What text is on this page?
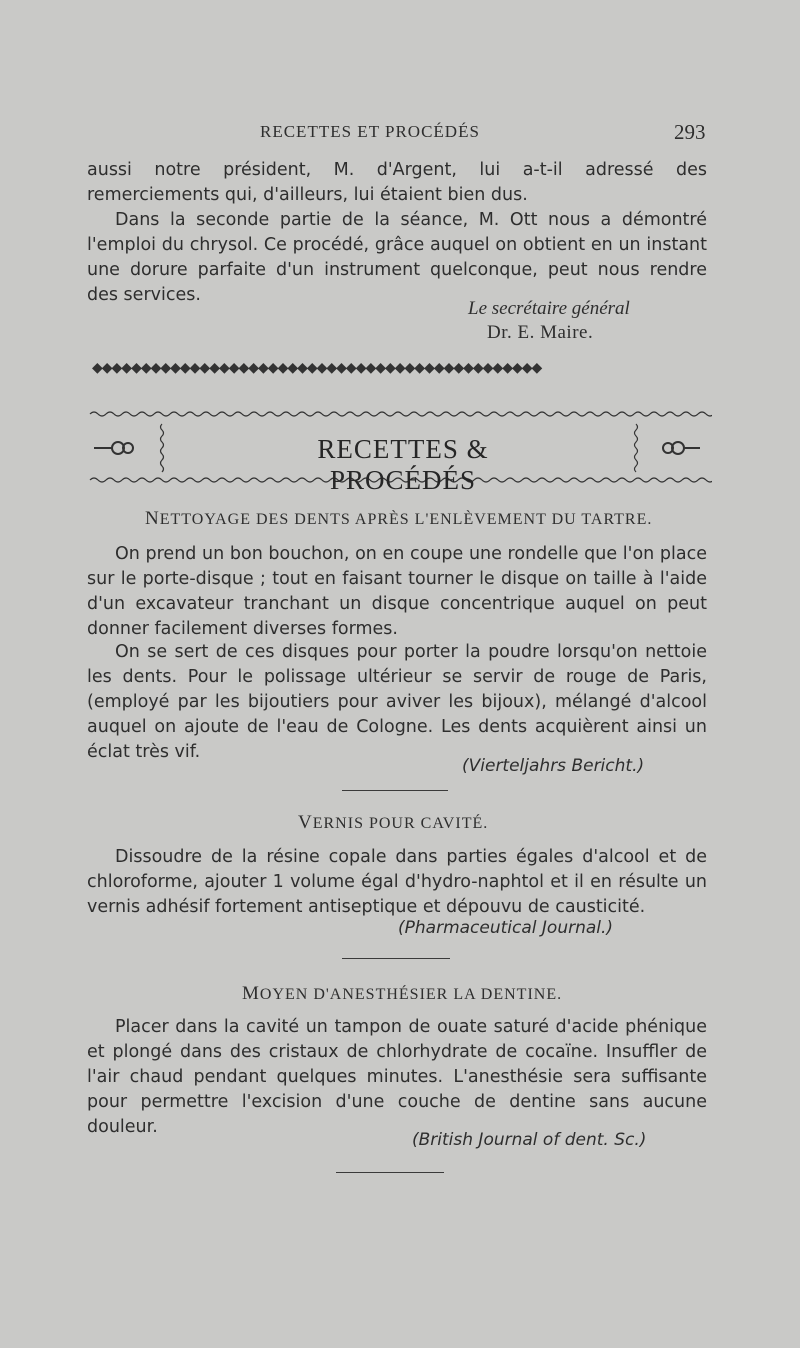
RECETTES ET PROCÉDÉS	293

aussi notre président, M. d'Argent, lui a-t-il adressé des remerciements qui, d'ailleurs, lui étaient bien dus.

Dans la seconde partie de la séance, M. Ott nous a démontré l'emploi du chrysol. Ce procédé, grâce auquel on obtient en un instant une dorure parfaite d'un instrument quelconque, peut nous rendre des services.

Le secrétaire général
Dr. E. Maire.
◆◆◆◆◆◆◆◆◆◆◆◆◆◆◆◆◆◆◆◆◆◆◆◆◆◆◆◆◆◆◆◆◆◆◆◆◆◆◆◆◆◆◆◆◆◆
RECETTES & PROCÉDÉS
NETTOYAGE DES DENTS APRÈS L'ENLÈVEMENT DU TARTRE.

On prend un bon bouchon, on en coupe une rondelle que l'on place sur le porte-disque ; tout en faisant tourner le disque on taille à l'aide d'un excavateur tranchant un disque concentrique auquel on peut donner facilement diverses formes.

On se sert de ces disques pour porter la poudre lorsqu'on nettoie les dents. Pour le polissage ultérieur se servir de rouge de Paris, (employé par les bijoutiers pour aviver les bijoux), mélangé d'alcool auquel on ajoute de l'eau de Cologne. Les dents acquièrent ainsi un éclat très vif.

(Vierteljahrs Bericht.)
VERNIS POUR CAVITÉ.

Dissoudre de la résine copale dans parties égales d'alcool et de chloroforme, ajouter 1 volume égal d'hydro-naphtol et il en résulte un vernis adhésif fortement antiseptique et dépouvu de causticité.

(Pharmaceutical Journal.)
MOYEN D'ANESTHÉSIER LA DENTINE.

Placer dans la cavité un tampon de ouate saturé d'acide phénique et plongé dans des cristaux de chlorhydrate de cocaïne. Insuffler de l'air chaud pendant quelques minutes. L'anesthésie sera suffisante pour permettre l'excision d'une couche de dentine sans aucune douleur.

(British Journal of dent. Sc.)
